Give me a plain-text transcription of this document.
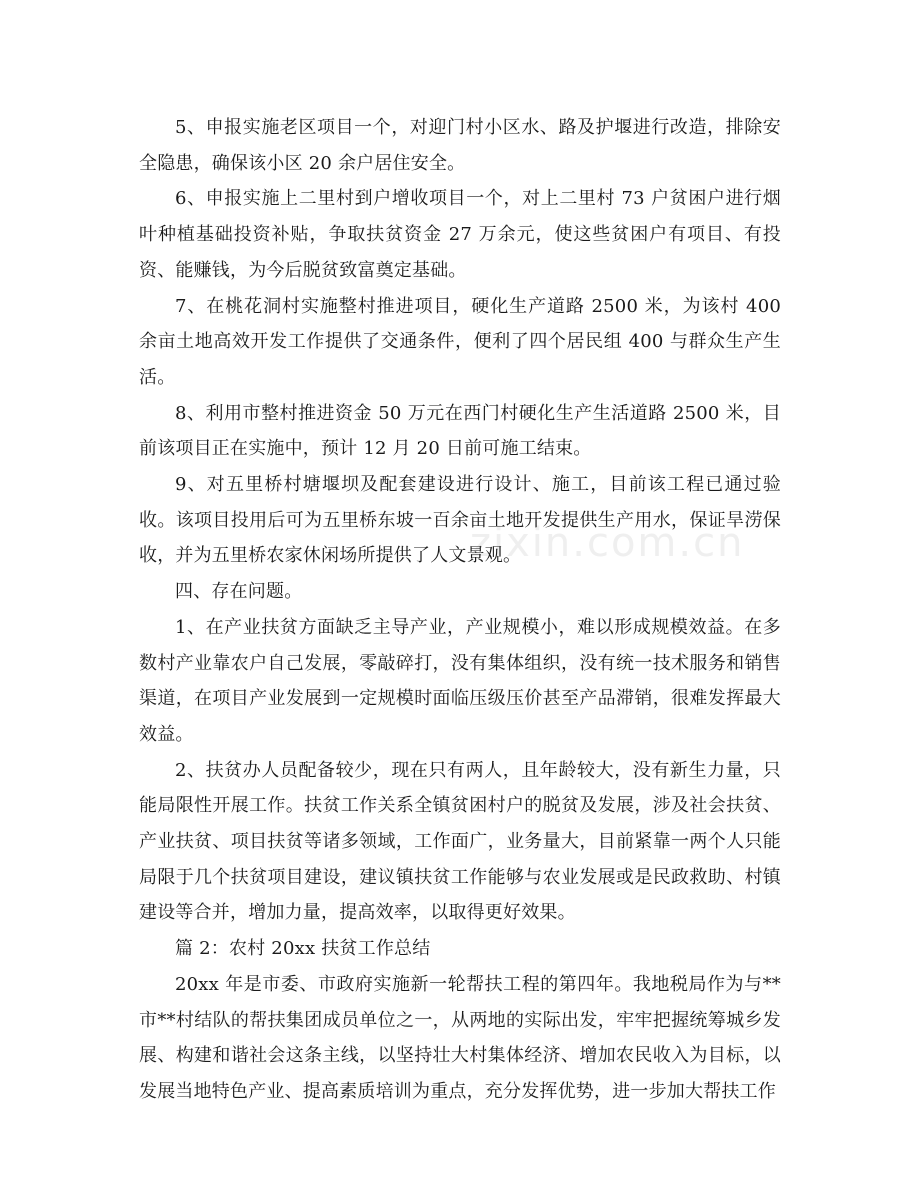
zixin.com.cn

5、申报实施老区项目一个，对迎门村小区水、路及护堰进行改造，排除安全隐患，确保该小区 20 余户居住安全。

6、申报实施上二里村到户增收项目一个，对上二里村 73 户贫困户进行烟叶种植基础投资补贴，争取扶贫资金 27 万余元，使这些贫困户有项目、有投资、能赚钱，为今后脱贫致富奠定基础。

7、在桃花洞村实施整村推进项目，硬化生产道路 2500 米，为该村 400 余亩土地高效开发工作提供了交通条件，便利了四个居民组 400 与群众生产生活。

8、利用市整村推进资金 50 万元在西门村硬化生产生活道路 2500 米，目前该项目正在实施中，预计 12 月 20 日前可施工结束。

9、对五里桥村塘堰坝及配套建设进行设计、施工，目前该工程已通过验收。该项目投用后可为五里桥东坡一百余亩土地开发提供生产用水，保证旱涝保收，并为五里桥农家休闲场所提供了人文景观。

四、存在问题。

1、在产业扶贫方面缺乏主导产业，产业规模小，难以形成规模效益。在多数村产业靠农户自己发展，零敲碎打，没有集体组织，没有统一技术服务和销售渠道，在项目产业发展到一定规模时面临压级压价甚至产品滞销，很难发挥最大效益。

2、扶贫办人员配备较少，现在只有两人，且年龄较大，没有新生力量，只能局限性开展工作。扶贫工作关系全镇贫困村户的脱贫及发展，涉及社会扶贫、产业扶贫、项目扶贫等诸多领域，工作面广，业务量大，目前紧靠一两个人只能局限于几个扶贫项目建设，建议镇扶贫工作能够与农业发展或是民政救助、村镇建设等合并，增加力量，提高效率，以取得更好效果。

篇 2：农村 20xx 扶贫工作总结

20xx 年是市委、市政府实施新一轮帮扶工程的第四年。我地税局作为与**市**村结队的帮扶集团成员单位之一，从两地的实际出发，牢牢把握统筹城乡发展、构建和谐社会这条主线，以坚持壮大村集体经济、增加农民收入为目标，以发展当地特色产业、提高素质培训为重点，充分发挥优势，进一步加大帮扶工作
